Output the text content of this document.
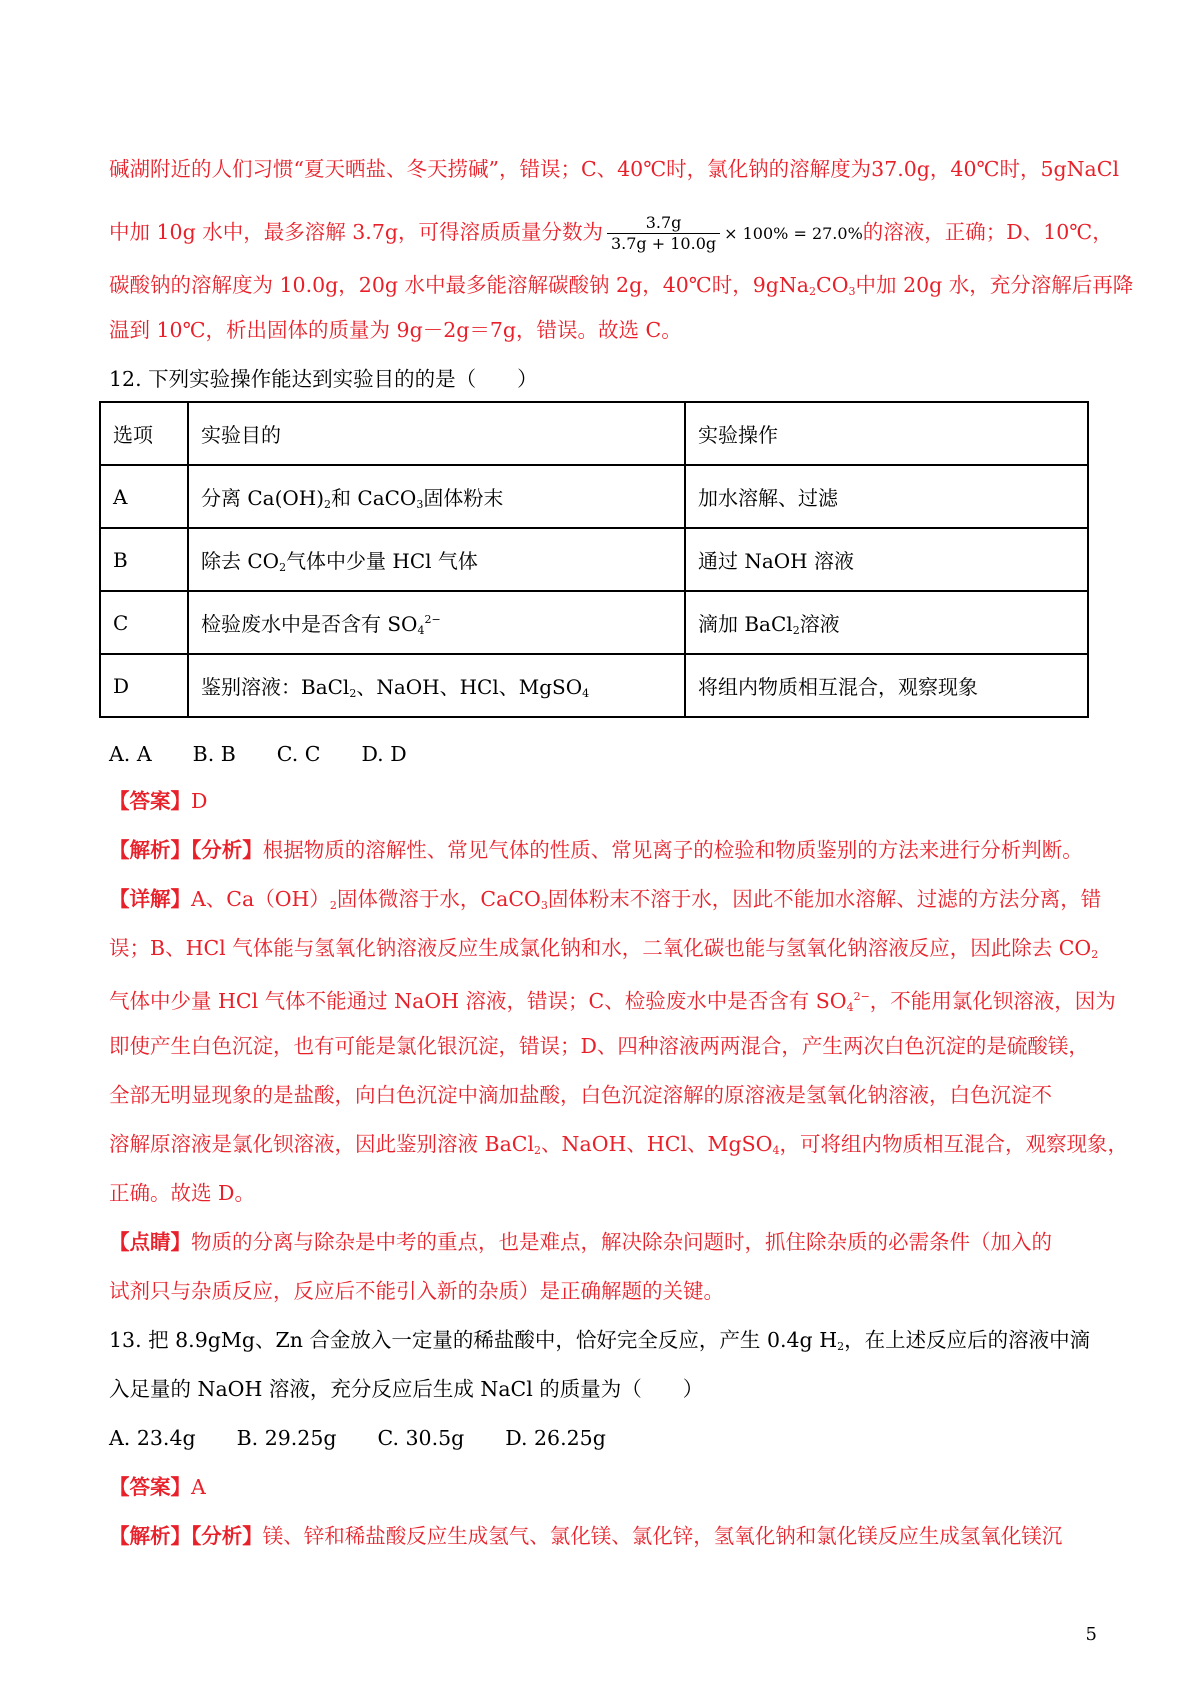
碱湖附近的人们习惯“夏天晒盐、冬天捞碱”，错误；C、40℃时，氯化钠的溶解度为37.0g，40℃时，5gNaCl
中加 10g 水中，最多溶解 3.7g，可得溶质质量分数为 $\frac{3.7g}{3.7g + 10.0g} \times 100\% = 27.0\%$的溶液，正确；D、10℃，
碳酸钠的溶解度为 10.0g，20g 水中最多能溶解碳酸钠 2g，40℃时，$9gNa_2CO_3$中加 20g 水，充分溶解后再降
温到 10℃，析出固体的质量为 9g－2g＝7g，错误。故选 C。
12. 下列实验操作能达到实验目的的是（　　）
选项	实验目的	实验操作
A	分离 $Ca(OH)_2$和 CaCO$_3$固体粉末	加水溶解、过滤
B	除去 $CO_2$气体中少量 HCl 气体	通过 NaOH 溶液
C	检验废水中是否含有 $SO_4^{2-}$	滴加 BaCl$_2$溶液
D	鉴别溶液：BaCl$_2$、NaOH、HCl、MgSO$_4$	将组内物质相互混合，观察现象
A. A　　B. B　　C. C　　D. D
【答案】D
【解析】【分析】根据物质的溶解性、常见气体的性质、常见离子的检验和物质鉴别的方法来进行分析判断。
【详解】A、$Ca(OH)_2$固体微溶于水，CaCO$_3$固体粉末不溶于水，因此不能加水溶解、过滤的方法分离，错
误；B、HCl 气体能与氢氧化钠溶液反应生成氯化钠和水，二氧化碳也能与氢氧化钠溶液反应，因此除去 $CO_2$
气体中少量 HCl 气体不能通过 NaOH 溶液，错误；C、检验废水中是否含有 $SO_4^{2-}$，不能用氯化钡溶液，因为
即使产生白色沉淀，也有可能是氯化银沉淀，错误；D、四种溶液两两混合，产生两次白色沉淀的是硫酸镁，
全部无明显现象的是盐酸，向白色沉淀中滴加盐酸，白色沉淀溶解的原溶液是氢氧化钠溶液，白色沉淀不
溶解原溶液是氯化钡溶液，因此鉴别溶液 BaCl$_2$、NaOH、HCl、MgSO$_4$，可将组内物质相互混合，观察现象，
正确。故选 D。
【点睛】物质的分离与除杂是中考的重点，也是难点，解决除杂问题时，抓住除杂质的必需条件（加入的
试剂只与杂质反应，反应后不能引入新的杂质）是正确解题的关键。
13. 把 8.9gMg、Zn 合金放入一定量的稀盐酸中，恰好完全反应，产生 0.4g $H_2$，在上述反应后的溶液中滴
入足量的 NaOH 溶液，充分反应后生成 NaCl 的质量为（　　）
A. 23.4g　　B. 29.25g　　C. 30.5g　　D. 26.25g
【答案】A
【解析】【分析】镁、锌和稀盐酸反应生成氢气、氯化镁、氯化锌，氢氧化钠和氯化镁反应生成氢氧化镁沉
5
